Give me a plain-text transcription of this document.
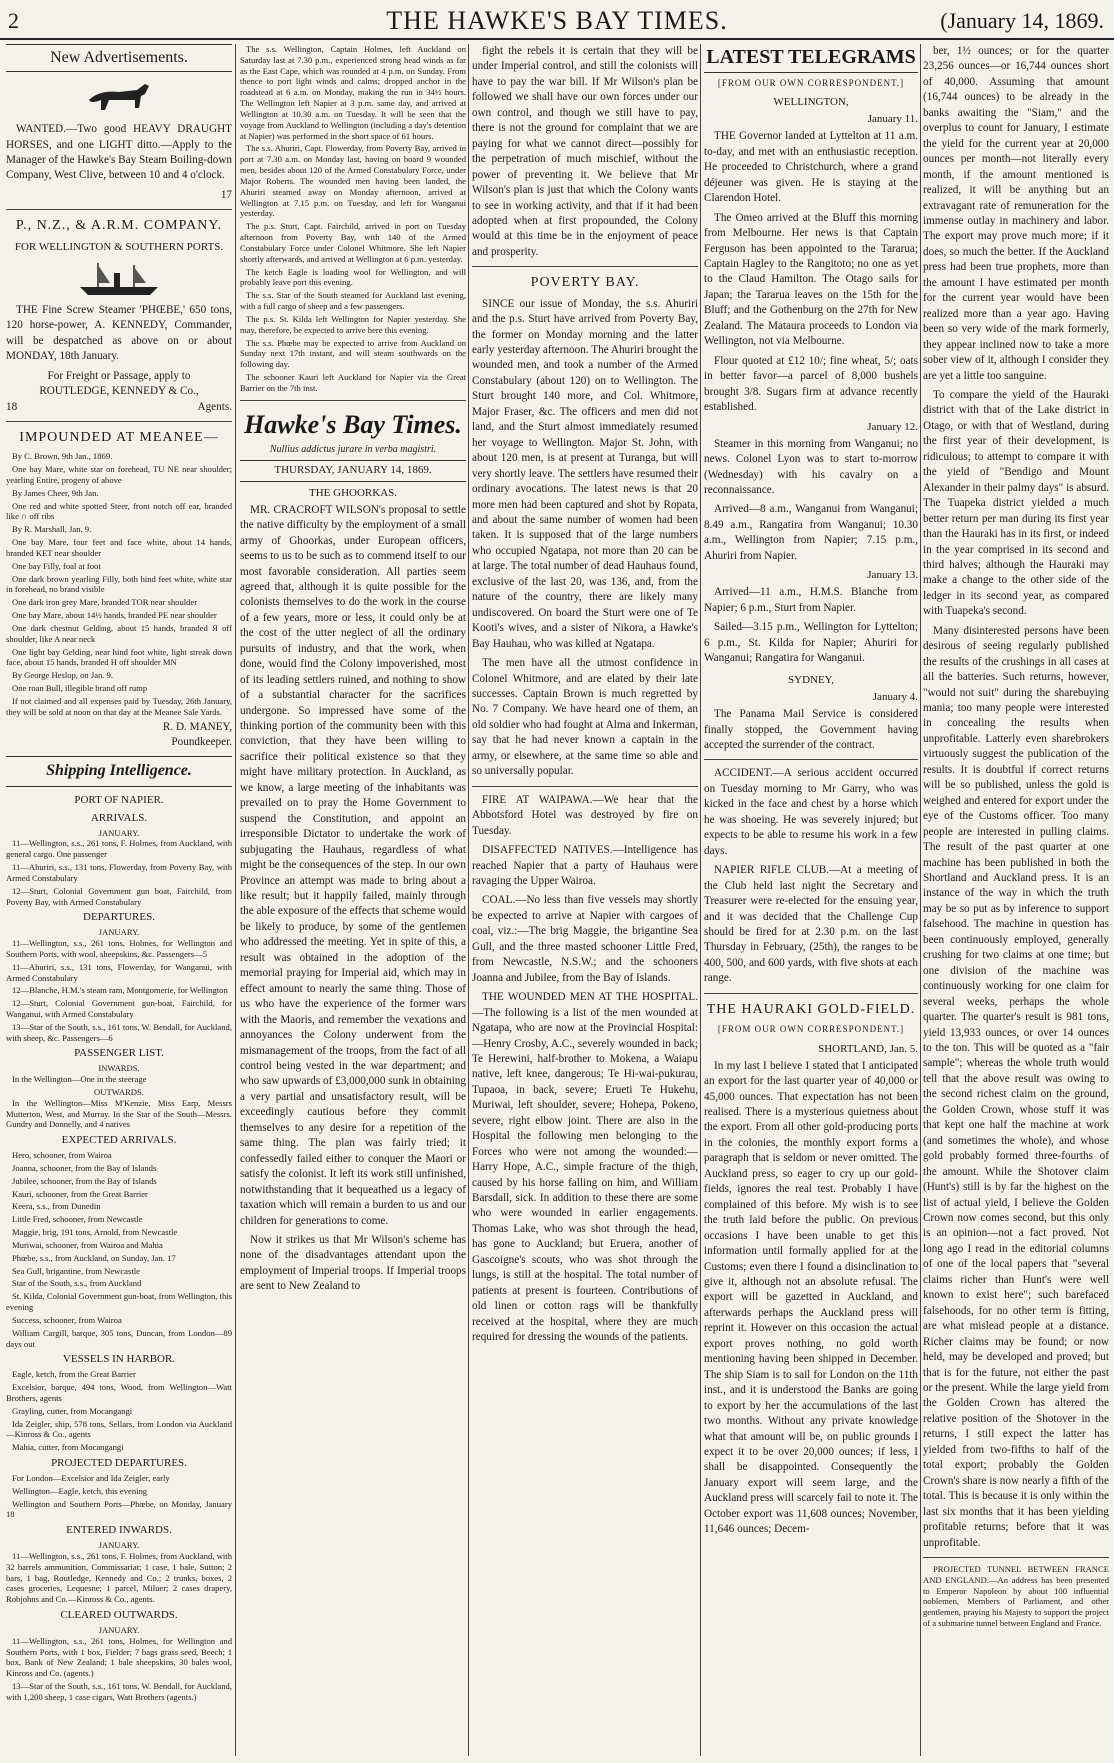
2	THE HAWKE'S BAY TIMES.	(January 14, 1869.
New Advertisements.

WANTED.—Two good HEAVY DRAUGHT HORSES, and one LIGHT ditto.—Apply to the Manager of the Hawke's Bay Steam Boiling-down Company, West Clive, between 10 and 4 o'clock.

17
P., N.Z., & A.R.M. COMPANY.
FOR WELLINGTON & SOUTHERN PORTS.

THE Fine Screw Steamer 'PHŒBE,' 650 tons, 120 horse-power, A. KENNEDY, Commander, will be despatched as above on or about MONDAY, 18th January.

For Freight or Passage, apply to
ROUTLEDGE, KENNEDY & Co.,
18	Agents.
IMPOUNDED AT MEANEE—

By C. Brown, 9th Jan., 1869.

One bay Mare, white star on forehead, TU NE near shoulder; yearling Entire, progeny of above

By James Cheer, 9th Jan.

One red and white spotted Steer, front notch off ear, branded like ∩ off ribs

By R. Marshall, Jan. 9.

One bay Mare, four feet and face white, about 14 hands, branded KET near shoulder

One bay Filly, foal at foot

One dark brown yearling Filly, both hind feet white, white star in forehead, no brand visible

One dark iron grey Mare, branded TOR near shoulder

One bay Mare, about 14½ hands, branded PE near shoulder

One dark chestnut Gelding, about 15 hands, branded Я off shoulder, like A near neck

One light bay Gelding, near hind foot white, light streak down face, about 15 hands, branded H off shoulder MN

By George Heslop, on Jan. 9.

One roan Bull, illegible brand off rump

If not claimed and all expenses paid by Tuesday, 26th January, they will be sold at noon on that day at the Meanee Sale Yards.

R. D. MANEY,
Poundkeeper.
Shipping Intelligence.
PORT OF NAPIER.
ARRIVALS.
JANUARY.

11—Wellington, s.s., 261 tons, F. Holmes, from Auckland, with general cargo. One passenger

11—Ahuriri, s.s., 131 tons, Flowerday, from Poverty Bay, with Armed Constabulary

12—Sturt, Colonial Government gun boat, Fairchild, from Poverty Bay, with Armed Constabulary

DEPARTURES.
JANUARY.

11—Wellington, s.s., 261 tons, Holmes, for Wellington and Southern Ports, with wool, sheepskins, &c. Passengers—5

11—Ahuriri, s.s., 131 tons, Flowerday, for Wanganui, with Armed Constabulary

12—Blanche, H.M.'s steam ram, Montgomerie, for Wellington

12—Sturt, Colonial Government gun-boat, Fairchild, for Wanganui, with Armed Constabulary

13—Star of the South, s.s., 161 tons, W. Bendall, for Auckland, with sheep, &c. Passengers—6

PASSENGER LIST.
INWARDS.

In the Wellington—One in the steerage

OUTWARDS.

In the Wellington—Miss M'Kenzie, Miss Earp, Messrs Mutterton, West, and Murray. In the Star of the South—Messrs. Gundry and Donnelly, and 4 natives

EXPECTED ARRIVALS.

Hero, schooner, from Wairoa

Joanna, schooner, from the Bay of Islands

Jubilee, schooner, from the Bay of Islands

Kauri, schooner, from the Great Barrier

Keera, s.s., from Dunedin

Little Fred, schooner, from Newcastle

Maggie, brig, 191 tons, Arnold, from Newcastle

Muriwai, schooner, from Wairoa and Mahia

Phœbe, s.s., from Auckland, on Sunday, Jan. 17

Sea Gull, brigantine, from Newcastle

Star of the South, s.s., from Auckland

St. Kilda, Colonial Government gun-boat, from Wellington, this evening

Success, schooner, from Wairoa

William Cargill, barque, 305 tons, Duncan, from London—89 days out

VESSELS IN HARBOR.

Eagle, ketch, from the Great Barrier

Excelsior, barque, 494 tons, Wood, from Wellington—Watt Brothers, agents

Grayling, cutter, from Mocangangi

Ida Zeigler, ship, 578 tons, Sellars, from London via Auckland—Kinross & Co., agents

Mahia, cutter, from Mocangangi

PROJECTED DEPARTURES.

For London—Excelsior and Ida Zeigler, early

Wellington—Eagle, ketch, this evening

Wellington and Southern Ports—Phœbe, on Monday, January 18

ENTERED INWARDS.
JANUARY.

11—Wellington, s.s., 261 tons, F. Holmes, from Auckland, with 32 barrels ammunition, Commissariat; 1 case, 1 bale, Sutton; 2 bars, 1 bag, Routledge, Kennedy and Co.; 2 trunks, boxes, 2 cases groceries, Lequesne; 1 parcel, Miluer; 2 cases drapery, Robjohns and Co.—Kinross & Co., agents.

CLEARED OUTWARDS.
JANUARY.

11—Wellington, s.s., 261 tons, Holmes, for Wellington and Southern Ports, with 1 box, Fielder; 7 bags grass seed, Beech; 1 box, Bank of New Zealand; 1 bale sheepskins, 30 bales wool, Kinross and Co. (agents.)

13—Star of the South, s.s., 161 tons, W. Bendall, for Auckland, with 1,200 sheep, 1 case cigars, Watt Brothers (agents.)

The s.s. Wellington, Captain Holmes, left Auckland on Saturday last at 7.30 p.m., experienced strong head winds as far as the East Cape, which was rounded at 4 p.m. on Sunday. From thence to port light winds and calms; dropped anchor in the roadstead at 6 a.m. on Monday, making the run in 34½ hours. The Wellington left Napier at 3 p.m. same day, and arrived at Wellington at 10.30 a.m. on Tuesday. It will be seen that the voyage from Auckland to Wellington (including a day's detention at Napier) was performed in the short space of 61 hours.

The s.s. Ahuriri, Capt. Flowerday, from Poverty Bay, arrived in port at 7.30 a.m. on Monday last, having on board 9 wounded men, besides about 120 of the Armed Constabulary Force, under Major Roberts. The wounded men having been landed, the Ahuriri steamed away on Monday afternoon, arrived at Wellington at 7.15 p.m. on Tuesday, and left for Wanganui yesterday.

The p.s. Sturt, Capt. Fairchild, arrived in port on Tuesday afternoon from Poverty Bay, with 140 of the Armed Constabulary Force under Colonel Whitmore. She left Napier shortly afterwards, and arrived at Wellington at 6 p.m. yesterday.

The ketch Eagle is loading wool for Wellington, and will probably leave port this evening.

The s.s. Star of the South steamed for Auckland last evening, with a full cargo of sheep and a few passengers.

The p.s. St. Kilda left Wellington for Napier yesterday. She may, therefore, be expected to arrive here this evening.

The s.s. Phœbe may be expected to arrive from Auckland on Sunday next 17th instant, and will steam southwards on the following day.

The schooner Kauri left Auckland for Napier via the Great Barrier on the 7th inst.

Hawke's Bay Times.
Nullius addictus jurare in verba magistri.
THURSDAY, JANUARY 14, 1869.
THE GHOORKAS.

MR. CRACROFT WILSON's proposal to settle the native difficulty by the employment of a small army of Ghoorkas, under European officers, seems to us to be such as to commend itself to our most favorable consideration. All parties seem agreed that, although it is quite possible for the colonists themselves to do the work in the course of a few years, more or less, it could only be at the cost of the utter neglect of all the ordinary pursuits of industry, and that the work, when done, would find the Colony impoverished, most of its leading settlers ruined, and nothing to show of a substantial character for the sacrifices undergone. So impressed have some of the thinking portion of the community been with this conviction, that they have been willing to sacrifice their political existence so that they might have military protection. In Auckland, as we know, a large meeting of the inhabitants was prevailed on to pray the Home Government to suspend the Constitution, and appoint an irresponsible Dictator to undertake the work of subjugating the Hauhaus, regardless of what might be the consequences of the step. In our own Province an attempt was made to bring about a like result; but it happily failed, mainly through the able exposure of the effects that scheme would be likely to produce, by some of the gentlemen who addressed the meeting. Yet in spite of this, a result was obtained in the adoption of the memorial praying for Imperial aid, which may in effect amount to nearly the same thing. Those of us who have the experience of the former wars with the Maoris, and remember the vexations and annoyances the Colony underwent from the mismanagement of the troops, from the fact of all control being vested in the war department; and who saw upwards of £3,000,000 sunk in obtaining a very partial and unsatisfactory result, will be exceedingly cautious before they commit themselves to any desire for a repetition of the same thing. The plan was fairly tried; it confessedly failed either to conquer the Maori or satisfy the colonist. It left its work still unfinished, notwithstanding that it bequeathed us a legacy of taxation which will remain a burden to us and our children for generations to come.

Now it strikes us that Mr Wilson's scheme has none of the disadvantages attendant upon the employment of Imperial troops. If Imperial troops are sent to New Zealand to

fight the rebels it is certain that they will be under Imperial control, and still the colonists will have to pay the war bill. If Mr Wilson's plan be followed we shall have our own forces under our own control, and though we still have to pay, there is not the ground for complaint that we are paying for what we cannot direct—possibly for the perpetration of much mischief, without the power of preventing it. We believe that Mr Wilson's plan is just that which the Colony wants to see in working activity, and that if it had been adopted when at first propounded, the Colony would at this time be in the enjoyment of peace and prosperity.

POVERTY BAY.

SINCE our issue of Monday, the s.s. Ahuriri and the p.s. Sturt have arrived from Poverty Bay, the former on Monday morning and the latter early yesterday afternoon. The Ahuriri brought the wounded men, and took a number of the Armed Constabulary (about 120) on to Wellington. The Sturt brought 140 more, and Col. Whitmore, Major Fraser, &c. The officers and men did not land, and the Sturt almost immediately resumed her voyage to Wellington. Major St. John, with about 120 men, is at present at Turanga, but will very shortly leave. The settlers have resumed their ordinary avocations. The latest news is that 20 more men had been captured and shot by Ropata, and about the same number of women had been taken. It is supposed that of the large numbers who occupied Ngatapa, not more than 20 can be at large. The total number of dead Hauhaus found, exclusive of the last 20, was 136, and, from the nature of the country, there are likely many undiscovered. On board the Sturt were one of Te Kooti's wives, and a sister of Nikora, a Hawke's Bay Hauhau, who was killed at Ngatapa.

The men have all the utmost confidence in Colonel Whitmore, and are elated by their late successes. Captain Brown is much regretted by No. 7 Company. We have heard one of them, an old soldier who had fought at Alma and Inkerman, say that he had never known a captain in the army, or elsewhere, at the same time so able and so universally popular.

FIRE AT WAIPAWA.—We hear that the Abbotsford Hotel was destroyed by fire on Tuesday.

DISAFFECTED NATIVES.—Intelligence has reached Napier that a party of Hauhaus were ravaging the Upper Wairoa.

COAL.—No less than five vessels may shortly be expected to arrive at Napier with cargoes of coal, viz.:—The brig Maggie, the brigantine Sea Gull, and the three masted schooner Little Fred, from Newcastle, N.S.W.; and the schooners Joanna and Jubilee, from the Bay of Islands.

THE WOUNDED MEN AT THE HOSPITAL.—The following is a list of the men wounded at Ngatapa, who are now at the Provincial Hospital:—Henry Crosby, A.C., severely wounded in back; Te Herewini, half-brother to Mokena, a Waiapu native, left knee, dangerous; Te Hi-wai-pukurau, Tupaoa, in back, severe; Erueti Te Hukehu, Muriwai, left shoulder, severe; Hohepa, Pokeno, severe, right elbow joint. There are also in the Hospital the following men belonging to the Forces who were not among the wounded:—Harry Hope, A.C., simple fracture of the thigh, caused by his horse falling on him, and William Barsdall, sick. In addition to these there are some who were wounded in earlier engagements. Thomas Lake, who was shot through the head, has gone to Auckland; but Eruera, another of Gascoigne's scouts, who was shot through the lungs, is still at the hospital. The total number of patients at present is fourteen. Contributions of old linen or cotton rags will be thankfully received at the hospital, where they are much required for dressing the wounds of the patients.

LATEST TELEGRAMS
[FROM OUR OWN CORRESPONDENT.]
WELLINGTON,
January 11.

THE Governor landed at Lyttelton at 11 a.m. to-day, and met with an enthusiastic reception. He proceeded to Christchurch, where a grand déjeuner was given. He is staying at the Clarendon Hotel.

The Omeo arrived at the Bluff this morning from Melbourne. Her news is that Captain Ferguson has been appointed to the Tararua; Captain Hagley to the Rangitoto; no one as yet to the Claud Hamilton. The Otago sails for Japan; the Tararua leaves on the 15th for the Bluff; and the Gothenburg on the 27th for New Zealand. The Mataura proceeds to London via Wellington, not via Melbourne.

Flour quoted at £12 10/; fine wheat, 5/; oats in better favor—a parcel of 8,000 bushels brought 3/8. Sugars firm at advance recently established.

January 12.

Steamer in this morning from Wanganui; no news. Colonel Lyon was to start to-morrow (Wednesday) with his cavalry on a reconnaissance.

Arrived—8 a.m., Wanganui from Wanganui; 8.49 a.m., Rangatira from Wanganui; 10.30 a.m., Wellington from Napier; 7.15 p.m., Ahuriri from Napier.

January 13.

Arrived—11 a.m., H.M.S. Blanche from Napier; 6 p.m., Sturt from Napier.

Sailed—3.15 p.m., Wellington for Lyttelton; 6 p.m., St. Kilda for Napier; Ahuriri for Wanganui; Rangatira for Wanganui.

SYDNEY,
January 4.

The Panama Mail Service is considered finally stopped, the Government having accepted the surrender of the contract.

ACCIDENT.—A serious accident occurred on Tuesday morning to Mr Garry, who was kicked in the face and chest by a horse which he was shoeing. He was severely injured; but expects to be able to resume his work in a few days.

NAPIER RIFLE CLUB.—At a meeting of the Club held last night the Secretary and Treasurer were re-elected for the ensuing year, and it was decided that the Challenge Cup should be fired for at 2.30 p.m. on the last Thursday in February, (25th), the ranges to be 400, 500, and 600 yards, with five shots at each range.

THE HAURAKI GOLD-FIELD.
[FROM OUR OWN CORRESPONDENT.]
SHORTLAND, Jan. 5.

In my last I believe I stated that I anticipated an export for the last quarter year of 40,000 or 45,000 ounces. That expectation has not been realised. There is a mysterious quietness about the export. From all other gold-producing ports in the colonies, the monthly export forms a paragraph that is seldom or never omitted. The Auckland press, so eager to cry up our gold-fields, ignores the real test. Probably I have complained of this before. My wish is to see the truth laid before the public. On previous occasions I have been unable to get this information until formally applied for at the Customs; even there I found a disinclination to give it, although not an absolute refusal. The export will be gazetted in Auckland, and afterwards perhaps the Auckland press will reprint it. However on this occasion the actual export proves nothing, no gold worth mentioning having been shipped in December. The ship Siam is to sail for London on the 11th inst., and it is understood the Banks are going to export by her the accumulations of the last two months. Without any private knowledge what that amount will be, on public grounds I expect it to be over 20,000 ounces; if less, I shall be disappointed. Consequently the January export will seem large, and the Auckland press will scarcely fail to note it. The October export was 11,608 ounces; November, 11,646 ounces; Decem-

ber, 1½ ounces; or for the quarter 23,256 ounces—or 16,744 ounces short of 40,000. Assuming that amount (16,744 ounces) to be already in the banks awaiting the "Siam," and the overplus to count for January, I estimate the yield for the current year at 20,000 ounces per month—not literally every month, if the amount mentioned is realized, it will be anything but an extravagant rate of remuneration for the immense outlay in machinery and labor. The export may prove much more; if it does, so much the better. If the Auckland press had been true prophets, more than the amount I have estimated per month for the current year would have been realized more than a year ago. Having been so very wide of the mark formerly, they appear inclined now to take a more sober view of it, although I consider they are yet a little too sanguine.

To compare the yield of the Hauraki district with that of the Lake district in Otago, or with that of Westland, during the first year of their development, is ridiculous; to attempt to compare it with the yield of "Bendigo and Mount Alexander in their palmy days" is absurd. The Tuapeka district yielded a much better return per man during its first year than the Hauraki has in its first, or indeed in the year comprised in its second and third halves; although the Hauraki may make a change to the other side of the ledger in its second year, as compared with Tuapeka's second.

Many disinterested persons have been desirous of seeing regularly published the results of the crushings in all cases at all the batteries. Such returns, however, "would not suit" during the sharebuying mania; too many people were interested in concealing the results when unprofitable. Latterly even sharebrokers virtuously suggest the publication of the results. It is doubtful if correct returns will be so published, unless the gold is weighed and entered for export under the eye of the Customs officer. Too many people are interested in pulling claims. The result of the past quarter at one machine has been published in both the Shortland and Auckland press. It is an instance of the way in which the truth may be so put as by inference to support falsehood. The machine in question has been continuously employed, generally crushing for two claims at one time; but one division of the machine was continuously working for one claim for several weeks, perhaps the whole quarter. The quarter's result is 981 tons, yield 13,933 ounces, or over 14 ounces to the ton. This will be quoted as a "fair sample"; whereas the whole truth would tell that the above result was owing to the second richest claim on the ground, the Golden Crown, whose stuff it was that kept one half the machine at work (and sometimes the whole), and whose gold probably formed three-fourths of the amount. While the Shotover claim (Hunt's) still is by far the highest on the list of actual yield, I believe the Golden Crown now comes second, but this only is an opinion—not a fact proved. Not long ago I read in the editorial columns of one of the local papers that "several claims richer than Hunt's were well known to exist here"; such barefaced falsehoods, for no other term is fitting, are what mislead people at a distance. Richer claims may be found; or now held, may be developed and proved; but that is for the future, not either the past or the present. While the large yield from the Golden Crown has altered the relative position of the Shotover in the returns, I still expect the latter has yielded from two-fifths to half of the total export; probably the Golden Crown's share is now nearly a fifth of the total. This is because it is only within the last six months that it has been yielding profitable returns; before that it was unprofitable.

PROJECTED TUNNEL BETWEEN FRANCE AND ENGLAND.—An address has been presented to Emperor Napoleon by about 100 influential noblemen, Members of Parliament, and other gentlemen, praying his Majesty to support the project of a submarine tunnel between England and France.
